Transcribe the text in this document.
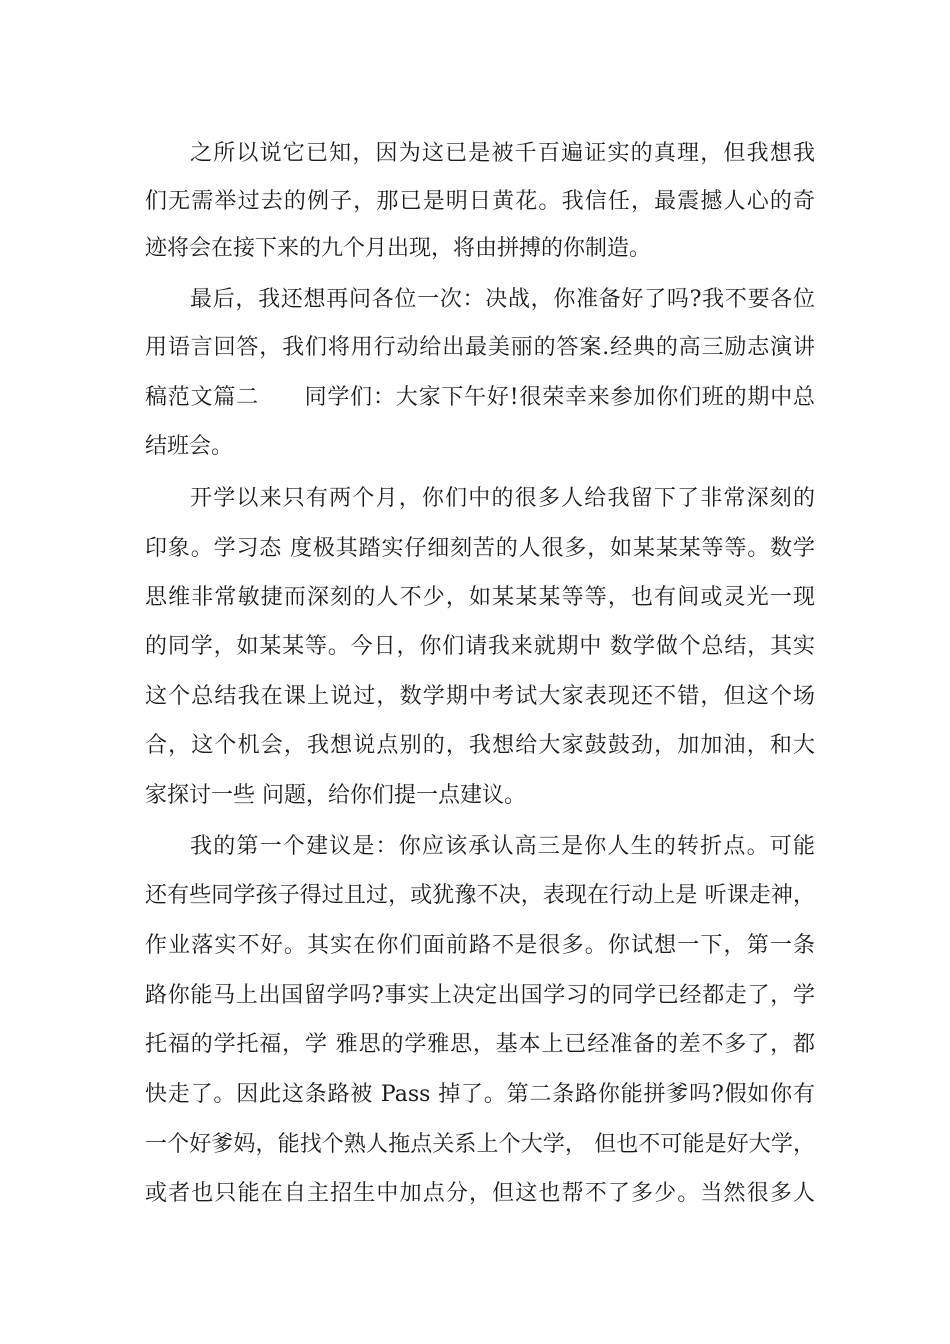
之所以说它已知，因为这已是被千百遍证实的真理，但我想我

们无需举过去的例子，那已是明日黄花。我信任，最震撼人心的奇

迹将会在接下来的九个月出现，将由拼搏的你制造。

最后，我还想再问各位一次：决战，你准备好了吗?我不要各位

用语言回答，我们将用行动给出最美丽的答案.经典的高三励志演讲

稿范文篇二　　同学们：大家下午好!很荣幸来参加你们班的期中总

结班会。

开学以来只有两个月，你们中的很多人给我留下了非常深刻的

印象。学习态 度极其踏实仔细刻苦的人很多，如某某某等等。数学

思维非常敏捷而深刻的人不少，如某某某等等，也有间或灵光一现

的同学，如某某等。今日，你们请我来就期中 数学做个总结，其实

这个总结我在课上说过，数学期中考试大家表现还不错，但这个场

合，这个机会，我想说点别的，我想给大家鼓鼓劲，加加油，和大

家探讨一些 问题，给你们提一点建议。

我的第一个建议是：你应该承认高三是你人生的转折点。可能

还有些同学孩子得过且过，或犹豫不决，表现在行动上是 听课走神，

作业落实不好。其实在你们面前路不是很多。你试想一下，第一条

路你能马上出国留学吗?事实上决定出国学习的同学已经都走了，学

托福的学托福，学 雅思的学雅思，基本上已经准备的差不多了，都

快走了。因此这条路被 Pass 掉了。第二条路你能拼爹吗?假如你有

一个好爹妈，能找个熟人拖点关系上个大学， 但也不可能是好大学，

或者也只能在自主招生中加点分，但这也帮不了多少。当然很多人
